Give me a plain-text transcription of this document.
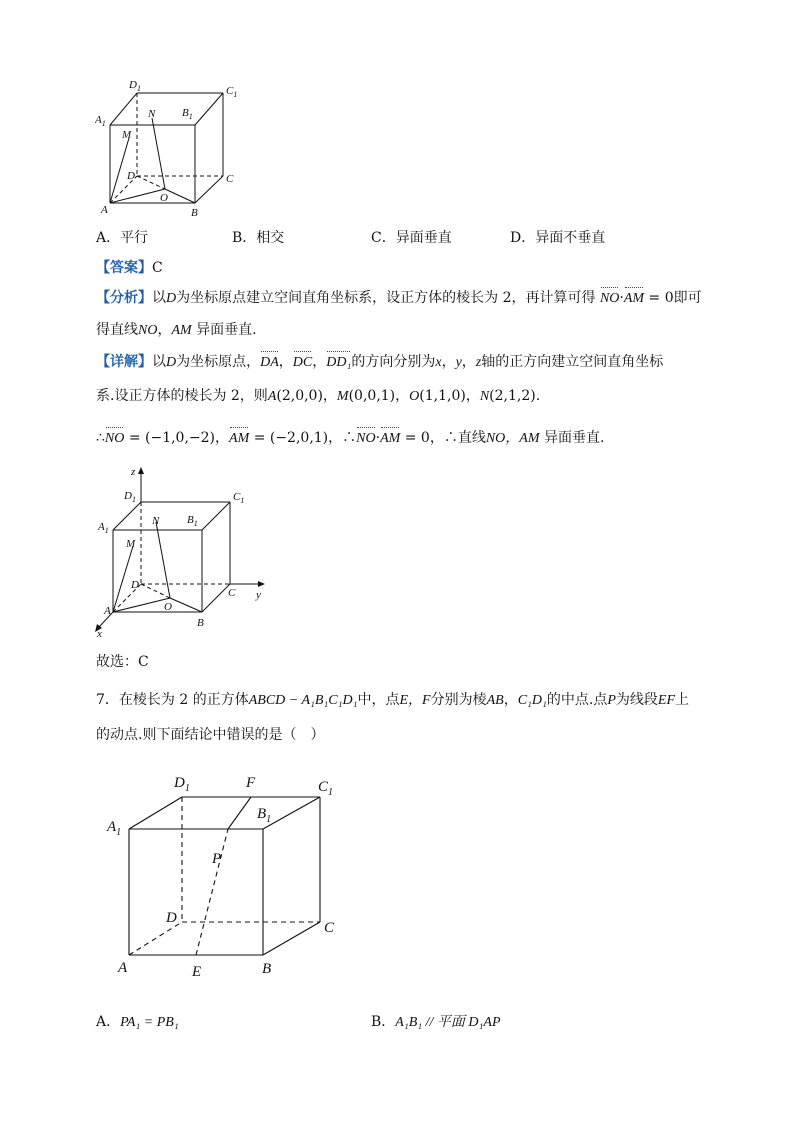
$D_1$	$C_1$
$A_1$
N $B_1$
M
D	C
O
A	B
A．平行	B．相交	C．异面垂直	D．异面不垂直
【答案】C
【分析】以D为坐标原点建立空间直角坐标系，设正方体的棱长为 2，再计算可得 NO·AM = 0即可
得直线NO，AM 异面垂直.
【详解】以D为坐标原点，DA，DC，DD₁的方向分别为x，y，z轴的正方向建立空间直角坐标
系.设正方体的棱长为 2，则A(2,0,0)，M(0,0,1)，O(1,1,0)，N(2,1,2).
∴NO = (−1,0,−2)，AM = (−2,0,1)，∴NO·AM = 0，∴直线NO，AM 异面垂直.
z
$D_1$	$C_1$
$A_1$
N	$B_1$
M
D
C y
O
A
B
x
故选：C
7．在棱长为 2 的正方体ABCD − A₁B₁C₁D₁中，点E，F分别为棱AB，C₁D₁的中点.点P为线段EF上
的动点.则下面结论中错误的是（　）
$D_1$	F	$C_1$
$B_1$
$A_1$
P
D
C
A	E	B
A．PA₁ = PB₁	B．A₁B₁ // 平面 D₁AP
